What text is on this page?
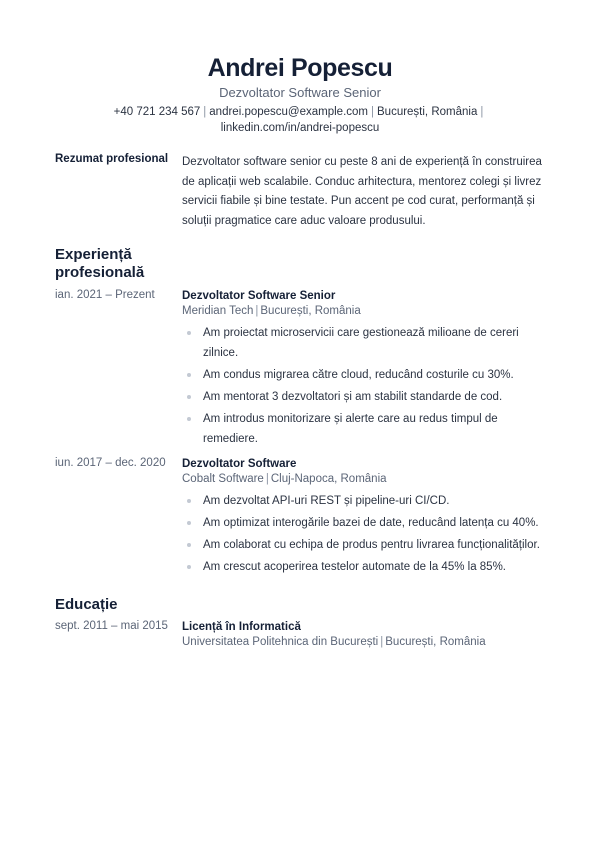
Andrei Popescu
Dezvoltator Software Senior
+40 721 234 567 | andrei.popescu@example.com | București, România |
linkedin.com/in/andrei-popescu
Rezumat profesional	Dezvoltator software senior cu peste 8 ani de experiență în construirea de aplicații web scalabile. Conduc arhitectura, mentorez colegi și livrez servicii fiabile și bine testate. Pun accent pe cod curat, performanță și soluții pragmatice care aduc valoare produsului.
Experiență
profesională
ian. 2021 – Prezent	Dezvoltator Software Senior
Meridian Tech | București, România
Am proiectat microservicii care gestionează milioane de cereri zilnice.
Am condus migrarea către cloud, reducând costurile cu 30%.
Am mentorat 3 dezvoltatori și am stabilit standarde de cod.
Am introdus monitorizare și alerte care au redus timpul de remediere.
iun. 2017 – dec. 2020	Dezvoltator Software
Cobalt Software | Cluj-Napoca, România
Am dezvoltat API-uri REST și pipeline-uri CI/CD.
Am optimizat interogările bazei de date, reducând latența cu 40%.
Am colaborat cu echipa de produs pentru livrarea funcționalităților.
Am crescut acoperirea testelor automate de la 45% la 85%.
Educație
sept. 2011 – mai 2015	Licență în Informatică
Universitatea Politehnica din București | București, România
